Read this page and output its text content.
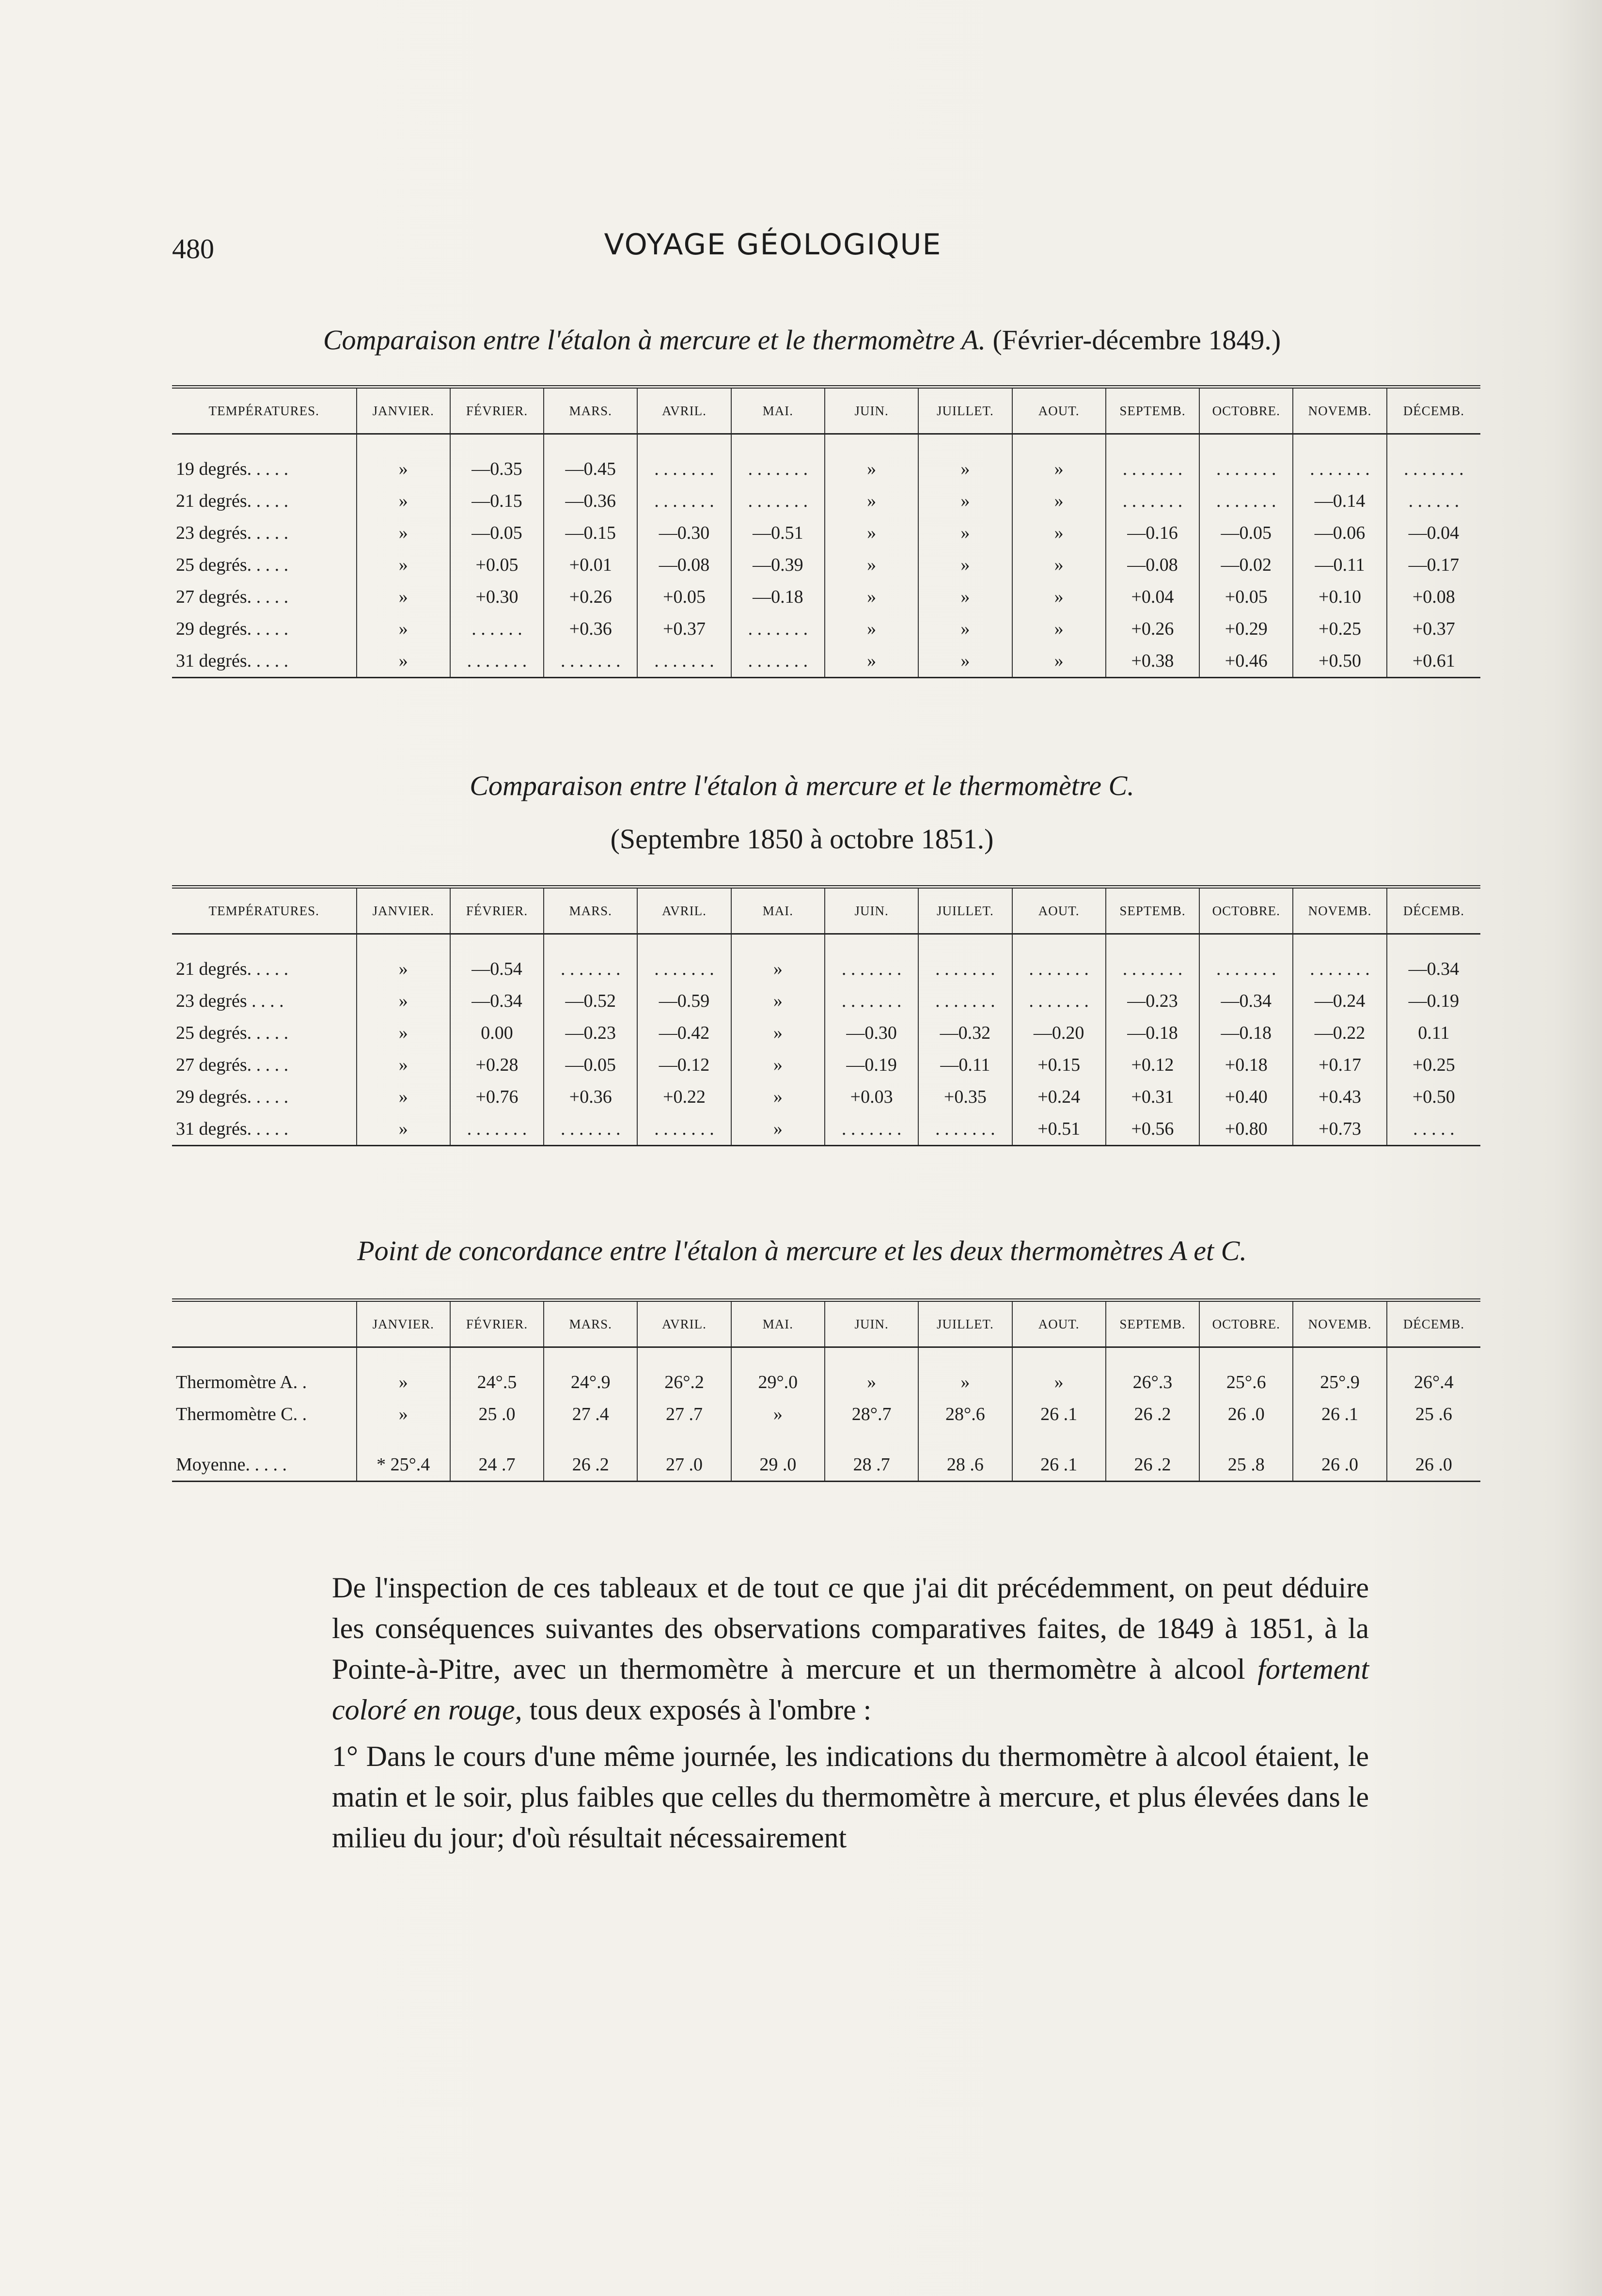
480	VOYAGE GÉOLOGIQUE
Comparaison entre l'étalon à mercure et le thermomètre A. (Février-décembre 1849.)
TEMPÉRATURES.	JANVIER.	FÉVRIER.	MARS.	AVRIL.	MAI.	JUIN.	JUILLET.	AOUT.	SEPTEMB.	OCTOBRE.	NOVEMB.	DÉCEMB.

19 degrés. . . . .	»	—0.35	—0.45	. . . . . . .	. . . . . . .	»	»	»	. . . . . . .	. . . . . . .	. . . . . . .	. . . . . . .
21 degrés. . . . .	»	—0.15	—0.36	. . . . . . .	. . . . . . .	»	»	»	. . . . . . .	. . . . . . .	—0.14	. . . . . .
23 degrés. . . . .	»	—0.05	—0.15	—0.30	—0.51	»	»	»	—0.16	—0.05	—0.06	—0.04
25 degrés. . . . .	»	+0.05	+0.01	—0.08	—0.39	»	»	»	—0.08	—0.02	—0.11	—0.17
27 degrés. . . . .	»	+0.30	+0.26	+0.05	—0.18	»	»	»	+0.04	+0.05	+0.10	+0.08
29 degrés. . . . .	»	. . . . . .	+0.36	+0.37	. . . . . . .	»	»	»	+0.26	+0.29	+0.25	+0.37
31 degrés. . . . .	»	. . . . . . .	. . . . . . .	. . . . . . .	. . . . . . .	»	»	»	+0.38	+0.46	+0.50	+0.61
Comparaison entre l'étalon à mercure et le thermomètre C.
(Septembre 1850 à octobre 1851.)
TEMPÉRATURES.	JANVIER.	FÉVRIER.	MARS.	AVRIL.	MAI.	JUIN.	JUILLET.	AOUT.	SEPTEMB.	OCTOBRE.	NOVEMB.	DÉCEMB.

21 degrés. . . . .	»	—0.54	. . . . . . .	. . . . . . .	»	. . . . . . .	. . . . . . .	. . . . . . .	. . . . . . .	. . . . . . .	. . . . . . .	—0.34
23 degrés . . . .	»	—0.34	—0.52	—0.59	»	. . . . . . .	. . . . . . .	. . . . . . .	—0.23	—0.34	—0.24	—0.19
25 degrés. . . . .	»	0.00	—0.23	—0.42	»	—0.30	—0.32	—0.20	—0.18	—0.18	—0.22	0.11
27 degrés. . . . .	»	+0.28	—0.05	—0.12	»	—0.19	—0.11	+0.15	+0.12	+0.18	+0.17	+0.25
29 degrés. . . . .	»	+0.76	+0.36	+0.22	»	+0.03	+0.35	+0.24	+0.31	+0.40	+0.43	+0.50
31 degrés. . . . .	»	. . . . . . .	. . . . . . .	. . . . . . .	»	. . . . . . .	. . . . . . .	+0.51	+0.56	+0.80	+0.73	. . . . .
Point de concordance entre l'étalon à mercure et les deux thermomètres A et C.
	JANVIER.	FÉVRIER.	MARS.	AVRIL.	MAI.	JUIN.	JUILLET.	AOUT.	SEPTEMB.	OCTOBRE.	NOVEMB.	DÉCEMB.

Thermomètre A. .	»	24°.5	24°.9	26°.2	29°.0	»	»	»	26°.3	25°.6	25°.9	26°.4
Thermomètre C. .	»	25 .0	27 .4	27 .7	»	28°.7	28°.6	26 .1	26 .2	26 .0	26 .1	25 .6

Moyenne. . . . .	* 25°.4	24 .7	26 .2	27 .0	29 .0	28 .7	28 .6	26 .1	26 .2	25 .8	26 .0	26 .0

De l'inspection de ces tableaux et de tout ce que j'ai dit précédemment, on peut déduire les conséquences suivantes des observations comparatives faites, de 1849 à 1851, à la Pointe-à-Pitre, avec un thermomètre à mercure et un thermomètre à alcool fortement coloré en rouge, tous deux exposés à l'ombre :

1° Dans le cours d'une même journée, les indications du thermomètre à alcool étaient, le matin et le soir, plus faibles que celles du thermomètre à mercure, et plus élevées dans le milieu du jour; d'où résultait nécessairement
